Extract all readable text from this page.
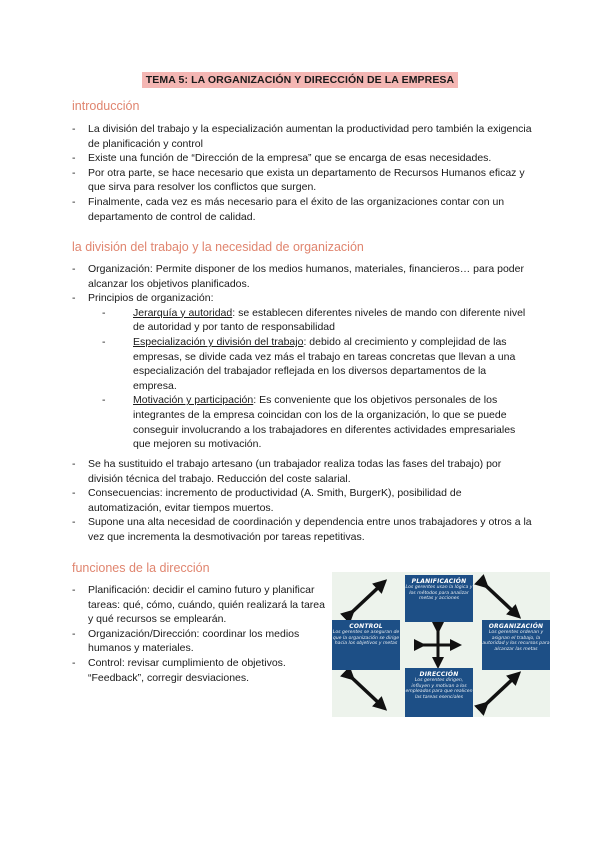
TEMA 5: LA ORGANIZACIÓN Y DIRECCIÓN DE LA EMPRESA
introducción
- La división del trabajo y la especialización aumentan la productividad pero también la exigencia de planificación y control
- Existe una función de “Dirección de la empresa” que se encarga de esas necesidades.
- Por otra parte, se hace necesario que exista un departamento de Recursos Humanos eficaz y que sirva para resolver los conflictos que surgen.
- Finalmente, cada vez es más necesario para el éxito de las organizaciones contar con un departamento de control de calidad.
la división del trabajo y la necesidad de organización
- Organización: Permite disponer de los medios humanos, materiales, financieros… para poder alcanzar los objetivos planificados.
- Principios de organización:
- Jerarquía y autoridad: se establecen diferentes niveles de mando con diferente nivel de autoridad y por tanto de responsabilidad
- Especialización y división del trabajo: debido al crecimiento y complejidad de las empresas, se divide cada vez más el trabajo en tareas concretas que llevan a una especialización del trabajador reflejada en los diversos departamentos de la empresa.
- Motivación y participación: Es conveniente que los objetivos personales de los integrantes de la empresa coincidan con los de la organización, lo que se puede conseguir involucrando a los trabajadores en diferentes actividades empresariales que mejoren su motivación.
- Se ha sustituido el trabajo artesano (un trabajador realiza todas las fases del trabajo) por división técnica del trabajo. Reducción del coste salarial.
- Consecuencias: incremento de productividad (A. Smith, BurgerK), posibilidad de automatización, evitar tiempos muertos.
- Supone una alta necesidad de coordinación y dependencia entre unos trabajadores y otros a la vez que incrementa la desmotivación por tareas repetitivas.
funciones de la dirección
- Planificación: decidir el camino futuro y planificar tareas: qué, cómo, cuándo, quién realizará la tarea y qué recursos se emplearán.
- Organización/Dirección: coordinar los medios humanos y materiales.
- Control: revisar cumplimiento de objetivos. “Feedback”, corregir desviaciones.
PLANIFICACIÓN
Los gerentes usan la lógica y los métodos para analizar metas y acciones
ORGANIZACIÓN
Los gerentes ordenan y asignan el trabajo, la autoridad y los recursos para alcanzar las metas
DIRECCIÓN
Los gerentes dirigen, influyen y motivan a los empleados para que realicen las tareas esenciales
CONTROL
Los gerentes se aseguran de que la organización se dirige hacia los objetivos y metas
